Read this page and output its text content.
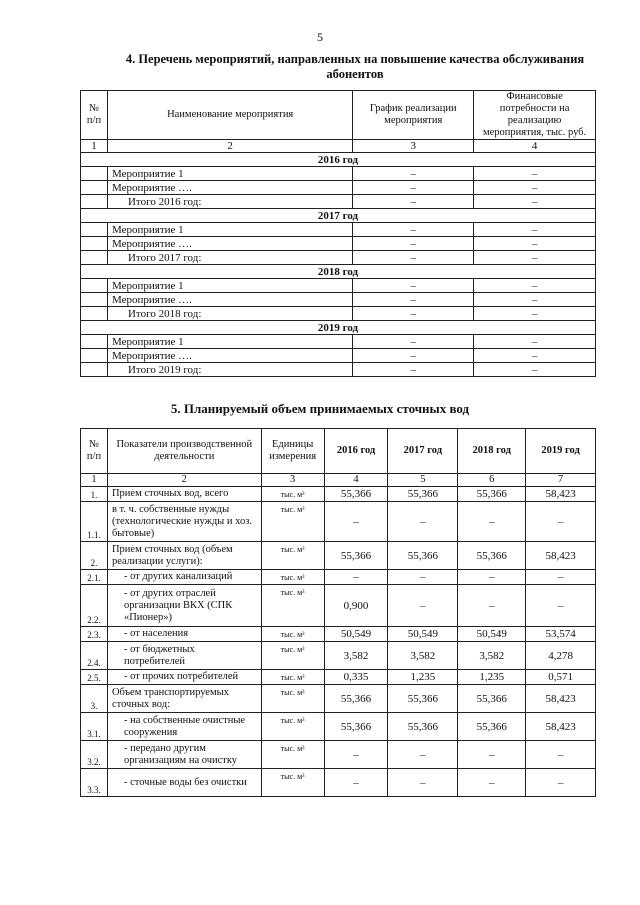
5
4. Перечень мероприятий, направленных на повышение качества обслуживания абонентов
№ п/п	Наименование мероприятия	График реализации мероприятия	Финансовые потребности на реализацию мероприятия, тыс. руб.
1	2	3	4
2016 год			
	Мероприятие 1	–	–
	Мероприятие ….	–	–
	Итого 2016 год:	–	–
2017 год			
	Мероприятие 1	–	–
	Мероприятие ….	–	–
	Итого 2017 год:	–	–
2018 год			
	Мероприятие 1	–	–
	Мероприятие ….	–	–
	Итого 2018 год:	–	–
2019 год			
	Мероприятие 1	–	–
	Мероприятие ….	–	–
	Итого 2019 год:	–	–
5. Планируемый объем принимаемых сточных вод
№ п/п	Показатели производственной деятельности	Единицы измерения	2016 год	2017 год	2018 год	2019 год
1	2	3	4	5	6	7
1.	Прием сточных вод, всего	тыс. м³	55,366	55,366	55,366	58,423
1.1.	в т. ч. собственные нужды (технологические нужды и хоз. бытовые)	тыс. м³	–	–	–	–
2.	Прием сточных вод (объем реализации услуги):	тыс. м³	55,366	55,366	55,366	58,423
2.1.	- от других канализаций	тыс. м³	–	–	–	–
2.2.	- от других отраслей организации ВКХ (СПК «Пионер»)	тыс. м³	0,900	–	–	–
2.3.	- от населения	тыс. м³	50,549	50,549	50,549	53,574
2.4.	- от бюджетных потребителей	тыс. м³	3,582	3,582	3,582	4,278
2.5.	- от прочих потребителей	тыс. м³	0,335	1,235	1,235	0,571
3.	Объем транспортируемых сточных вод:	тыс. м³	55,366	55,366	55,366	58,423
3.1.	- на собственные очистные сооружения	тыс. м³	55,366	55,366	55,366	58,423
3.2.	- передано другим организациям на очистку	тыс. м³	–	–	–	–
3.3.	- сточные воды без очистки	тыс. м³	–	–	–	–
